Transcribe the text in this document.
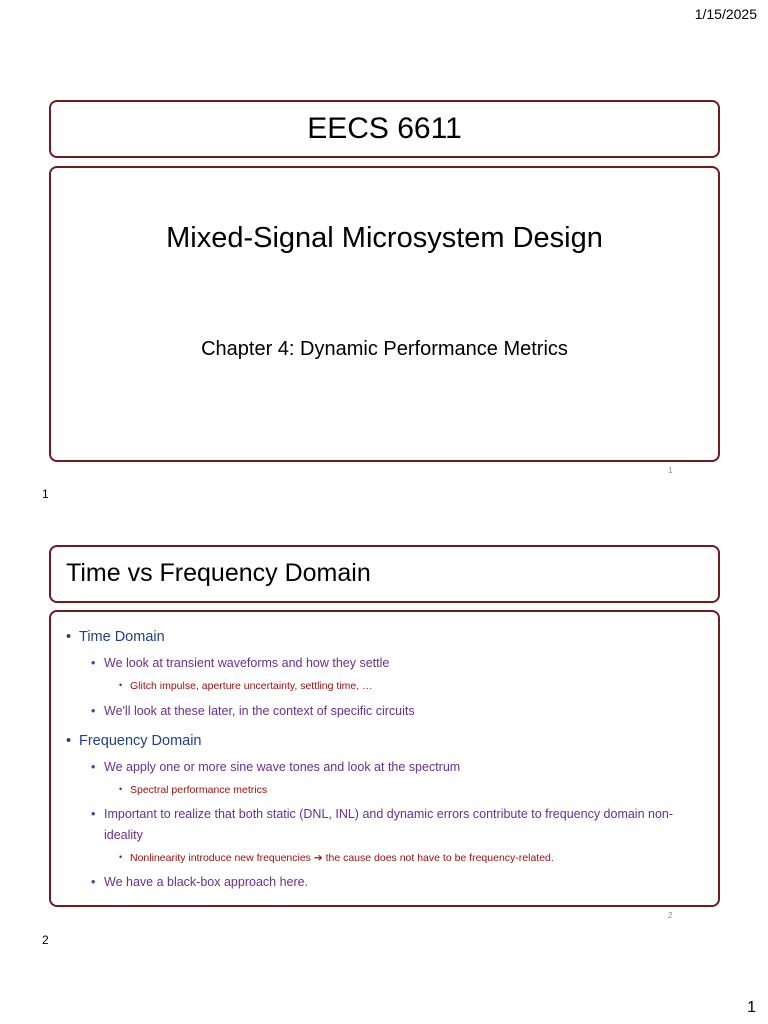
1/15/2025
EECS 6611
Mixed-Signal Microsystem Design
Chapter 4: Dynamic Performance Metrics
1
1
Time vs Frequency Domain
• Time Domain
• We look at transient waveforms and how they settle
• Glitch impulse, aperture uncertainty, settling time, …
• We'll look at these later, in the context of specific circuits
• Frequency Domain
• We apply one or more sine wave tones and look at the spectrum
• Spectral performance metrics
• Important to realize that both static (DNL, INL) and dynamic errors contribute to frequency domain non-ideality
• Nonlinearity introduce new frequencies ➔ the cause does not have to be frequency-related.
• We have a black-box approach here.
2
2
1
